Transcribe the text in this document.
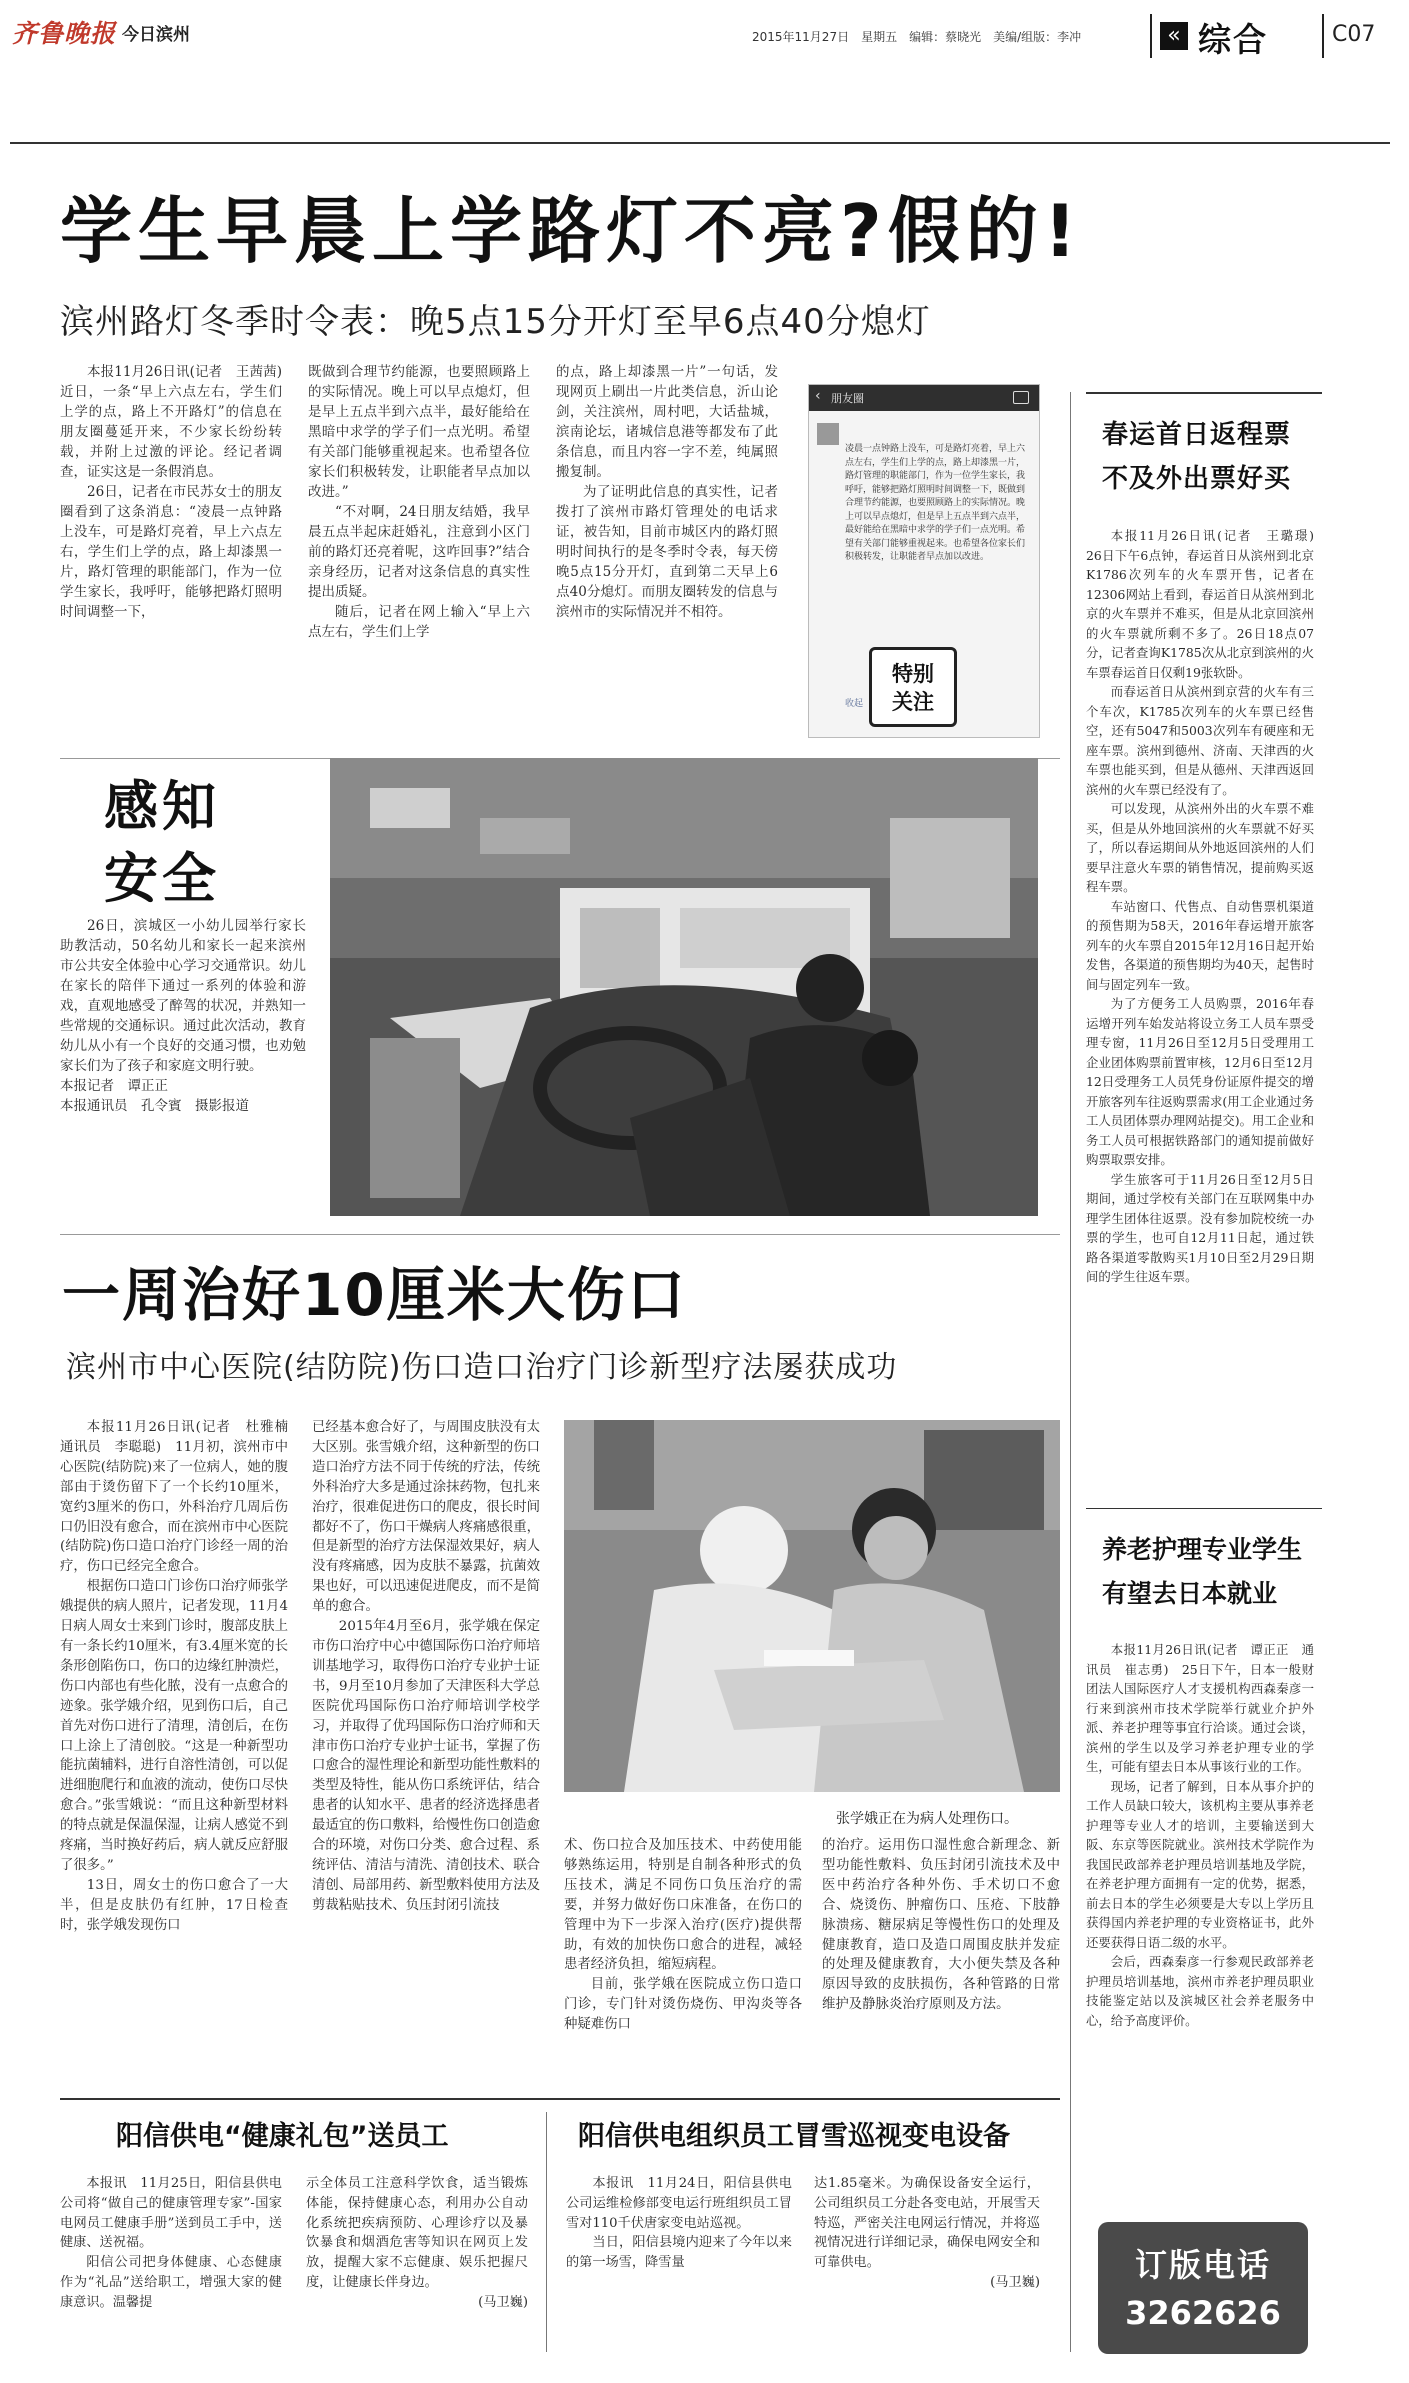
齐鲁晚报 今日滨州	2015年11月27日　星期五　编辑：蔡晓光　美编/组版：李冲	« 综合	C07
学生早晨上学路灯不亮?假的!
滨州路灯冬季时令表：晚5点15分开灯至早6点40分熄灯

本报11月26日讯(记者　王茜茜)　近日，一条“早上六点左右，学生们上学的点，路上不开路灯”的信息在朋友圈蔓延开来，不少家长纷纷转载，并附上过激的评论。经记者调查，证实这是一条假消息。

26日，记者在市民苏女士的朋友圈看到了这条消息：“凌晨一点钟路上没车，可是路灯亮着，早上六点左右，学生们上学的点，路上却漆黑一片，路灯管理的职能部门，作为一位学生家长，我呼吁，能够把路灯照明时间调整一下，

既做到合理节约能源，也要照顾路上的实际情况。晚上可以早点熄灯，但是早上五点半到六点半，最好能给在黑暗中求学的学子们一点光明。希望有关部门能够重视起来。也希望各位家长们积极转发，让职能者早点加以改进。”

“不对啊，24日朋友结婚，我早晨五点半起床赶婚礼，注意到小区门前的路灯还亮着呢，这咋回事?”结合亲身经历，记者对这条信息的真实性提出质疑。

随后，记者在网上输入“早上六点左右，学生们上学

的点，路上却漆黑一片”一句话，发现网页上刷出一片此类信息，沂山论剑，关注滨州，周村吧，大话盐城，滨南论坛，诸城信息港等都发布了此条信息，而且内容一字不差，纯属照搬复制。

为了证明此信息的真实性，记者拨打了滨州市路灯管理处的电话求证，被告知，目前市城区内的路灯照明时间执行的是冬季时令表，每天傍晚5点15分开灯，直到第二天早上6点40分熄灯。而朋友圈转发的信息与滨州市的实际情况并不相符。

‹ 朋友圈
凌晨一点钟路上没车，可是路灯亮着，早上六点左右，学生们上学的点，路上却漆黑一片，路灯管理的职能部门，作为一位学生家长，我呼吁，能够把路灯照明时间调整一下，既做到合理节约能源，也要照顾路上的实际情况。晚上可以早点熄灯，但是早上五点半到六点半，最好能给在黑暗中求学的学子们一点光明。希望有关部门能够重视起来。也希望各位家长们积极转发，让职能者早点加以改进。
收起
特别
关注
感知
安全

26日，滨城区一小幼儿园举行家长助教活动，50名幼儿和家长一起来滨州市公共安全体验中心学习交通常识。幼儿在家长的陪伴下通过一系列的体验和游戏，直观地感受了醉驾的状况，并熟知一些常规的交通标识。通过此次活动，教育幼儿从小有一个良好的交通习惯，也劝勉家长们为了孩子和家庭文明行驶。

本报记者　谭正正

本报通讯员　孔令賓　摄影报道

春运首日返程票
不及外出票好买

本报11月26日讯(记者　王璐璟)　26日下午6点钟，春运首日从滨州到北京K1786次列车的火车票开售，记者在12306网站上看到，春运首日从滨州到北京的火车票并不难买，但是从北京回滨州的火车票就所剩不多了。26日18点07分，记者查询K1785次从北京到滨州的火车票春运首日仅剩19张软卧。

而春运首日从滨州到京营的火车有三个车次，K1785次列车的火车票已经售空，还有5047和5003次列车有硬座和无座车票。滨州到德州、济南、天津西的火车票也能买到，但是从德州、天津西返回滨州的火车票已经没有了。

可以发现，从滨州外出的火车票不难买，但是从外地回滨州的火车票就不好买了，所以春运期间从外地返回滨州的人们要早注意火车票的销售情况，提前购买返程车票。

车站窗口、代售点、自动售票机渠道的预售期为58天，2016年春运增开旅客列车的火车票自2015年12月16日起开始发售，各渠道的预售期均为40天，起售时间与固定列车一致。

为了方便务工人员购票，2016年春运增开列车始发站将设立务工人员车票受理专窗，11月26日至12月5日受理用工企业团体购票前置审核，12月6日至12月12日受理务工人员凭身份证原件提交的增开旅客列车往返购票需求(用工企业通过务工人员团体票办理网站提交)。用工企业和务工人员可根据铁路部门的通知提前做好购票取票安排。

学生旅客可于11月26日至12月5日期间，通过学校有关部门在互联网集中办理学生团体往返票。没有参加院校统一办票的学生，也可自12月11日起，通过铁路各渠道零散购买1月10日至2月29日期间的学生往返车票。

养老护理专业学生
有望去日本就业

本报11月26日讯(记者　谭正正　通讯员　崔志勇)　25日下午，日本一般财团法人国际医疗人才支援机构西森秦彦一行来到滨州市技术学院举行就业介护外派、养老护理等事宜行洽谈。通过会谈，滨州的学生以及学习养老护理专业的学生，可能有望去日本从事该行业的工作。

现场，记者了解到，日本从事介护的工作人员缺口较大，该机构主要从事养老护理等专业人才的培训，主要输送到大阪、东京等医院就业。滨州技术学院作为我国民政部养老护理员培训基地及学院，在养老护理方面拥有一定的优势，据悉，前去日本的学生必须要是大专以上学历且获得国内养老护理的专业资格证书，此外还要获得日语二级的水平。

会后，西森秦彦一行参观民政部养老护理员培训基地，滨州市养老护理员职业技能鉴定站以及滨城区社会养老服务中心，给予高度评价。

订版电话
3262626
一周治好10厘米大伤口
滨州市中心医院(结防院)伤口造口治疗门诊新型疗法屡获成功

本报11月26日讯(记者　杜雅楠　通讯员　李聪聪)　11月初，滨州市中心医院(结防院)来了一位病人，她的腹部由于烫伤留下了一个长约10厘米，宽约3厘米的伤口，外科治疗几周后伤口仍旧没有愈合，而在滨州市中心医院(结防院)伤口造口治疗门诊经一周的治疗，伤口已经完全愈合。

根据伤口造口门诊伤口治疗师张学娥提供的病人照片，记者发现，11月4日病人周女士来到门诊时，腹部皮肤上有一条长约10厘米，有3.4厘米宽的长条形创陷伤口，伤口的边缘红肿溃烂，伤口内部也有些化脓，没有一点愈合的迹象。张学娥介绍，见到伤口后，自己首先对伤口进行了清理，清创后，在伤口上涂上了清创胶。“这是一种新型功能抗菌辅料，进行自溶性清创，可以促进细胞爬行和血液的流动，使伤口尽快愈合。”张雪娥说：“而且这种新型材料的特点就是保温保湿，让病人感觉不到疼痛，当时换好药后，病人就反应舒服了很多。”

13日，周女士的伤口愈合了一大半，但是皮肤仍有红肿，17日检查时，张学娥发现伤口

已经基本愈合好了，与周围皮肤没有太大区别。张雪娥介绍，这种新型的伤口造口治疗方法不同于传统的疗法，传统外科治疗大多是通过涂抹药物，包扎来治疗，很难促进伤口的爬皮，很长时间都好不了，伤口干燥病人疼痛感很重，但是新型的治疗方法保湿效果好，病人没有疼痛感，因为皮肤不暴露，抗菌效果也好，可以迅速促进爬皮，而不是简单的愈合。

2015年4月至6月，张学娥在保定市伤口治疗中心中德国际伤口治疗师培训基地学习，取得伤口治疗专业护士证书，9月至10月参加了天津医科大学总医院优玛国际伤口治疗师培训学校学习，并取得了优玛国际伤口治疗师和天津市伤口治疗专业护士证书，掌握了伤口愈合的湿性理论和新型功能性敷料的类型及特性，能从伤口系统评估，结合患者的认知水平、患者的经济选择患者最适宜的伤口敷料，给慢性伤口创造愈合的环境，对伤口分类、愈合过程、系统评估、清洁与清洗、清创技术、联合清创、局部用药、新型敷料使用方法及剪裁粘贴技术、负压封闭引流技

张学娥正在为病人处理伤口。

术、伤口拉合及加压技术、中药使用能够熟练运用，特别是自制各种形式的负压技术，满足不同伤口负压治疗的需要，并努力做好伤口床准备，在伤口的管理中为下一步深入治疗(医疗)提供帮助，有效的加快伤口愈合的进程，减轻患者经济负担，缩短病程。

目前，张学娥在医院成立伤口造口门诊，专门针对烫伤烧伤、甲沟炎等各种疑难伤口

的治疗。运用伤口湿性愈合新理念、新型功能性敷料、负压封闭引流技术及中医中药治疗各种外伤、手术切口不愈合、烧烫伤、肿瘤伤口、压疮、下肢静脉溃疡、糖尿病足等慢性伤口的处理及健康教育，造口及造口周围皮肤并发症的处理及健康教育，大小便失禁及各种原因导致的皮肤损伤，各种管路的日常维护及静脉炎治疗原则及方法。

阳信供电“健康礼包”送员工

本报讯　11月25日，阳信县供电公司将“做自己的健康管理专家”-国家电网员工健康手册”送到员工手中，送健康、送祝福。

阳信公司把身体健康、心态健康作为“礼品”送给职工，增强大家的健康意识。温馨提

示全体员工注意科学饮食，适当锻炼体能，保持健康心态，利用办公自动化系统把疾病预防、心理诊疗以及暴饮暴食和烟酒危害等知识在网页上发放，提醒大家不忘健康、娱乐把握尺度，让健康长伴身边。

(马卫巍)

阳信供电组织员工冒雪巡视变电设备

本报讯　11月24日，阳信县供电公司运维检修部变电运行班组织员工冒雪对110千伏唐家变电站巡视。

当日，阳信县境内迎来了今年以来的第一场雪，降雪量

达1.85毫米。为确保设备安全运行，公司组织员工分赴各变电站，开展雪天特巡，严密关注电网运行情况，并将巡视情况进行详细记录，确保电网安全和可靠供电。

(马卫巍)
